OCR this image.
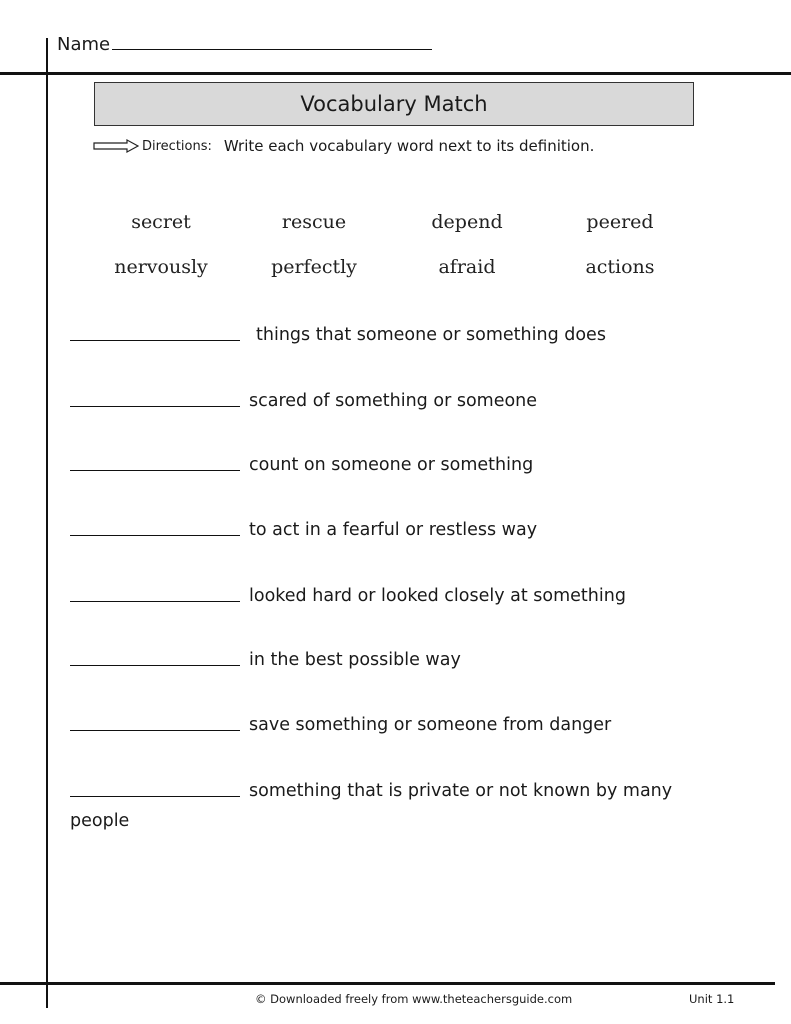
Name
Vocabulary Match
Directions: Write each vocabulary word next to its definition.
secret	rescue	depend	peered
nervously	perfectly	afraid	actions
things that someone or something does
scared of something or someone
count on someone or something
to act in a fearful or restless way
looked hard or looked closely at something
in the best possible way
save something or someone from danger
something that is private or not known by many
people
© Downloaded freely from www.theteachersguide.com	Unit 1.1
